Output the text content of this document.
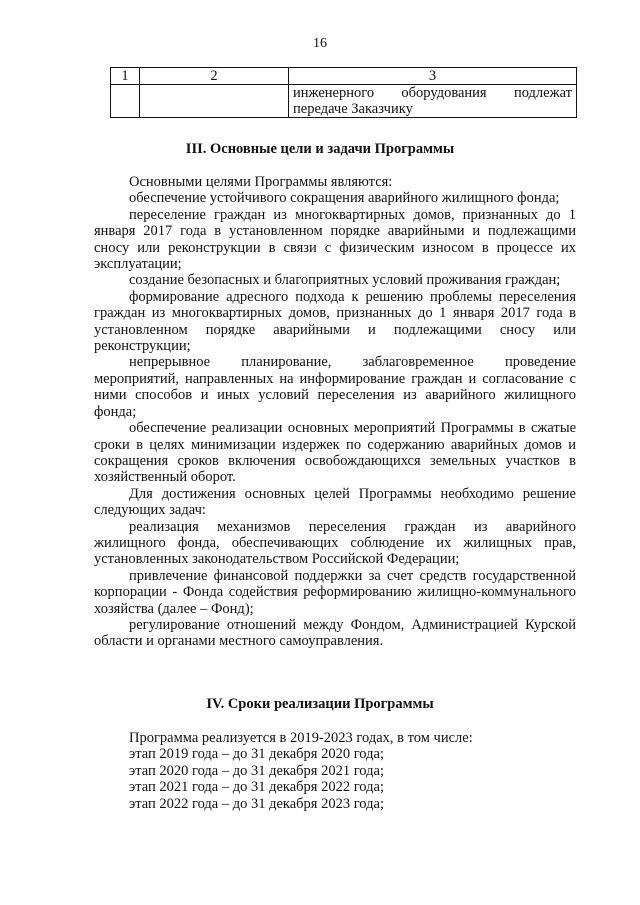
16
1	2	3

		инженерного оборудования подлежат
передаче Заказчику
III. Основные цели и задачи Программы

Основными целями Программы являются:

обеспечение устойчивого сокращения аварийного жилищного фонда;

переселение граждан из многоквартирных домов, признанных до 1 января 2017 года в установленном порядке аварийными и подлежащими сносу или реконструкции в связи с физическим износом в процессе их эксплуатации;

создание безопасных и благоприятных условий проживания граждан;

формирование адресного подхода к решению проблемы переселения граждан из многоквартирных домов, признанных до 1 января 2017 года в установленном порядке аварийными и подлежащими сносу или реконструкции;

непрерывное планирование, заблаговременное проведение мероприятий, направленных на информирование граждан и согласование с ними способов и иных условий переселения из аварийного жилищного фонда;

обеспечение реализации основных мероприятий Программы в сжатые сроки в целях минимизации издержек по содержанию аварийных домов и сокращения сроков включения освобождающихся земельных участков в хозяйственный оборот.

Для достижения основных целей Программы необходимо решение следующих задач:

реализация механизмов переселения граждан из аварийного жилищного фонда, обеспечивающих соблюдение их жилищных прав, установленных законодательством Российской Федерации;

привлечение финансовой поддержки за счет средств государственной корпорации - Фонда содействия реформированию жилищно-коммунального хозяйства (далее – Фонд);

регулирование отношений между Фондом, Администрацией Курской области и органами местного самоуправления.

IV. Сроки реализации Программы

Программа реализуется в 2019-2023 годах, в том числе:

этап 2019 года – до 31 декабря 2020 года;

этап 2020 года – до 31 декабря 2021 года;

этап 2021 года – до 31 декабря 2022 года;

этап 2022 года – до 31 декабря 2023 года;
